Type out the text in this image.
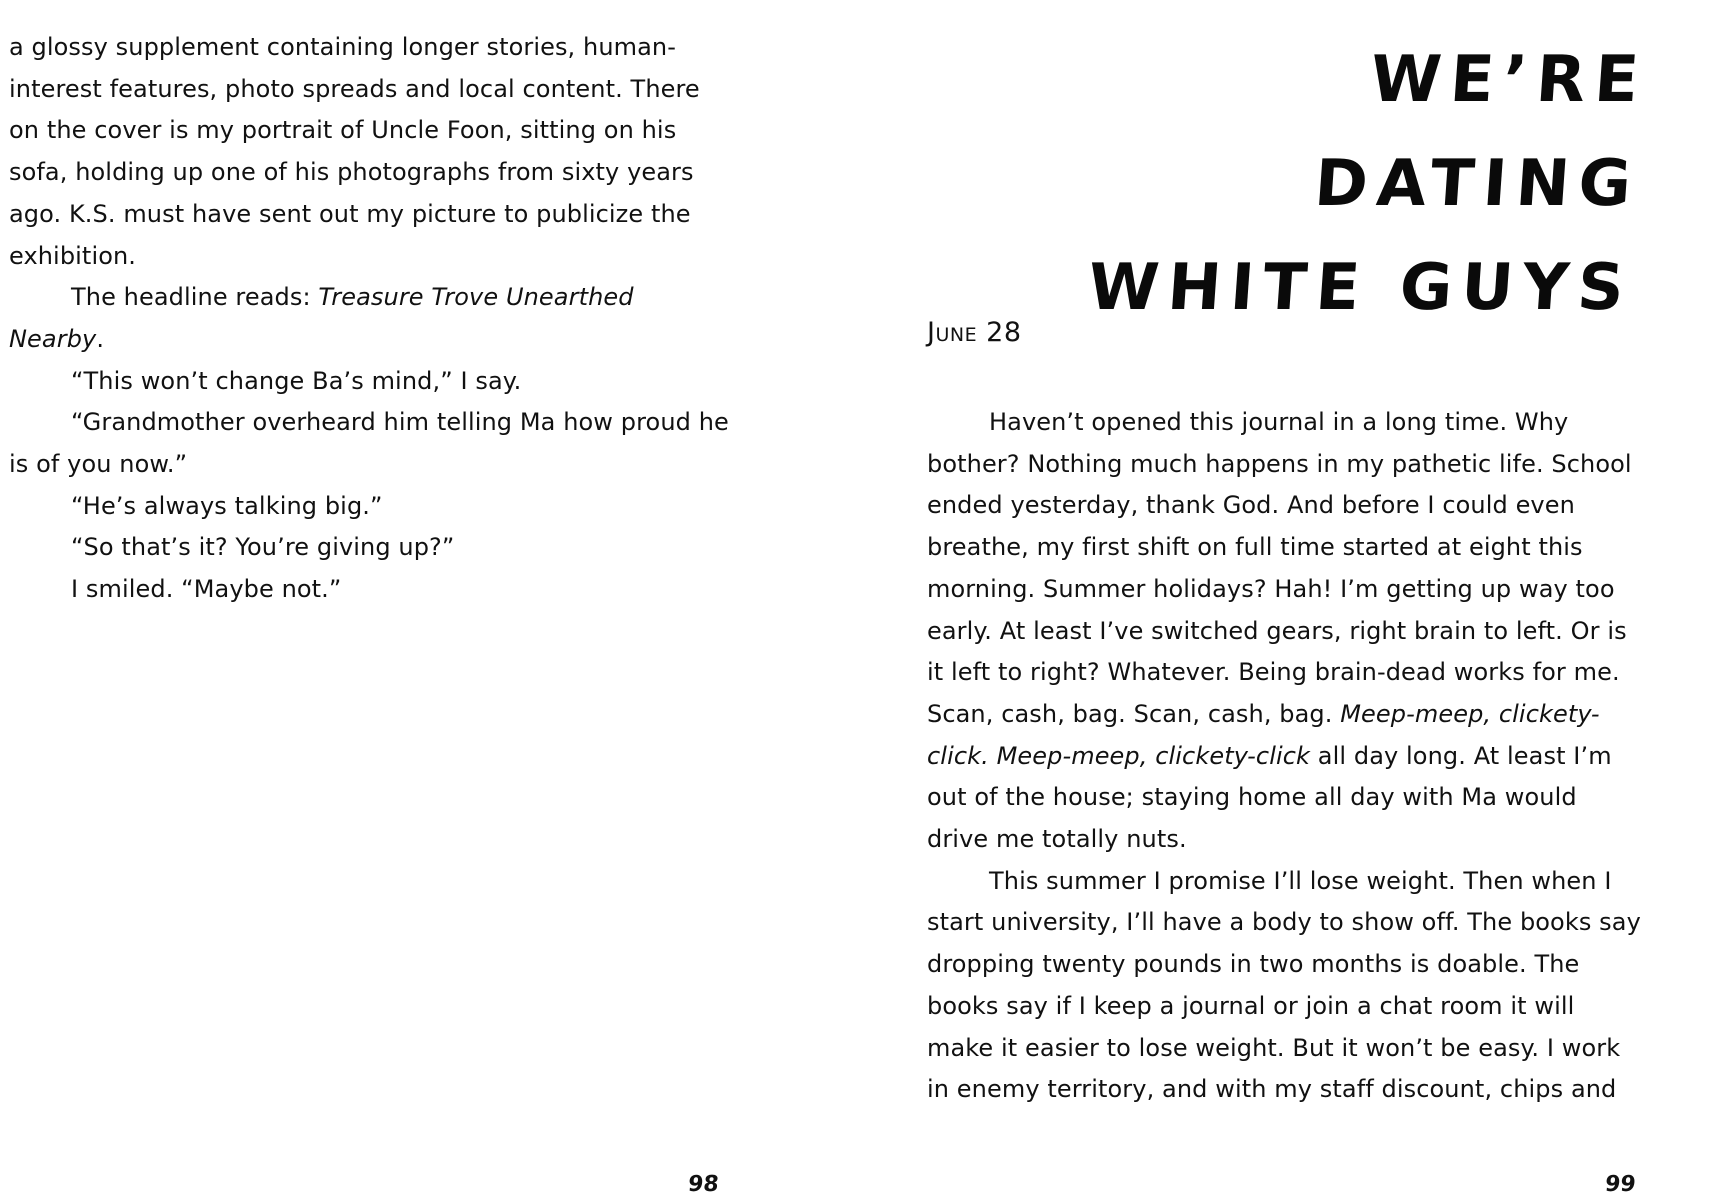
a glossy supplement containing longer stories, human-interest features, photo spreads and local content. There on the cover is my portrait of Uncle Foon, sitting on his sofa, holding up one of his photographs from sixty years ago. K.S. must have sent out my picture to publicize the exhibition.

The headline reads: Treasure Trove Unearthed Nearby.

“This won’t change Ba’s mind,” I say.

“Grandmother overheard him telling Ma how proud he is of you now.”

“He’s always talking big.”

“So that’s it? You’re giving up?”

I smiled. “Maybe not.”

98
WE’RE DATING WHITE GUYS
June 28

Haven’t opened this journal in a long time. Why bother? Nothing much happens in my pathetic life. School ended yesterday, thank God. And before I could even breathe, my first shift on full time started at eight this morning. Summer holidays? Hah! I’m getting up way too early. At least I’ve switched gears, right brain to left. Or is it left to right? Whatever. Being brain-dead works for me. Scan, cash, bag. Scan, cash, bag. Meep-meep, clickety-click. Meep-meep, clickety-click all day long. At least I’m out of the house; staying home all day with Ma would drive me totally nuts.

This summer I promise I’ll lose weight. Then when I start university, I’ll have a body to show off. The books say dropping twenty pounds in two months is doable. The books say if I keep a journal or join a chat room it will make it easier to lose weight. But it won’t be easy. I work in enemy territory, and with my staff discount, chips and

99
